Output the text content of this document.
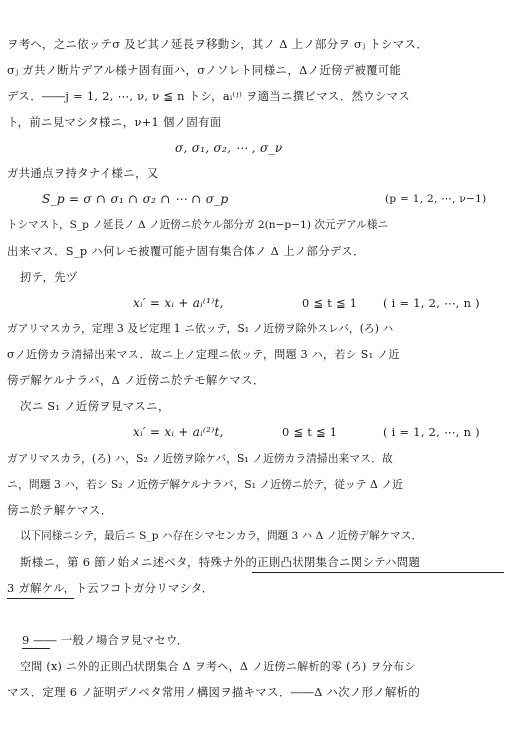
ヲ考ヘ，之ニ依ッテσ 及ビ其ノ延長ヲ移動シ，其ノ Δ 上ノ部分ヲ σⱼ トシマス．
σⱼ ガ共ノ断片デアル様ナ固有面ハ，σノソレト同様ニ，Δノ近傍デ被覆可能
デス．――j = 1, 2, ⋯, ν, ν ≦ n トシ，aᵢ⁽ʲ⁾ ヲ適当ニ撰ビマス．然ウシマス
ト，前ニ見マシタ様ニ，ν+1 個ノ固有面
σ, σ₁, σ₂, ⋯ , σ_ν
ガ共通点ヲ持タナイ様ニ，又
S_p = σ ∩ σ₁ ∩ σ₂ ∩ ⋯ ∩ σ_p	(p = 1, 2, ⋯, ν−1)
トシマスト，S_p ノ延長ノ Δ ノ近傍ニ於ケル部分ガ 2(n−p−1) 次元デアル様ニ
出来マス．S_p ハ何レモ被覆可能ナ固有集合体ノ Δ 上ノ部分デス．
扨テ，先ヅ
xᵢ′ = xᵢ + aᵢ⁽¹⁾t,	0 ≦ t ≦ 1 ( i = 1, 2, ⋯, n )
ガアリマスカラ，定理 3 及ビ定理 1 ニ依ッテ，S₁ ノ近傍ヲ除外スレバ，(ろ) ハ
σノ近傍カラ清掃出来マス．故ニ上ノ定理ニ依ッテ，問題 3 ハ，若シ S₁ ノ近
傍デ解ケルナラバ，Δ ノ近傍ニ於テモ解ケマス．
次ニ S₁ ノ近傍ヲ見マスニ，
xᵢ′ = xᵢ + aᵢ⁽²⁾t,	0 ≦ t ≦ 1	( i = 1, 2, ⋯, n )
ガアリマスカラ，(ろ) ハ，S₂ ノ近傍ヲ除ケバ，S₁ ノ近傍カラ清掃出来マス．故
ニ，問題 3 ハ，若シ S₂ ノ近傍デ解ケルナラバ，S₁ ノ近傍ニ於テ，従ッテ Δ ノ近
傍ニ於テ解ケマス．
以下同様ニシテ，最后ニ S_p ハ存在シマセンカラ，問題 3 ハ Δ ノ近傍デ解ケマス．
斯様ニ，第 6 節ノ始メニ述ベタ，特殊ナ外的正則凸状閉集合ニ関シテハ問題
3 ガ解ケル，ト云フコトガ分リマシタ．
9 ―― 一般ノ場合ヲ見マセウ．
空間 (x) ニ外的正則凸状閉集合 Δ ヲ考ヘ，Δ ノ近傍ニ解析的零 (ろ) ヲ分布シ
マス．定理 6 ノ証明デノベタ常用ノ構図ヲ描キマス．――Δ ハ次ノ形ノ解析的
